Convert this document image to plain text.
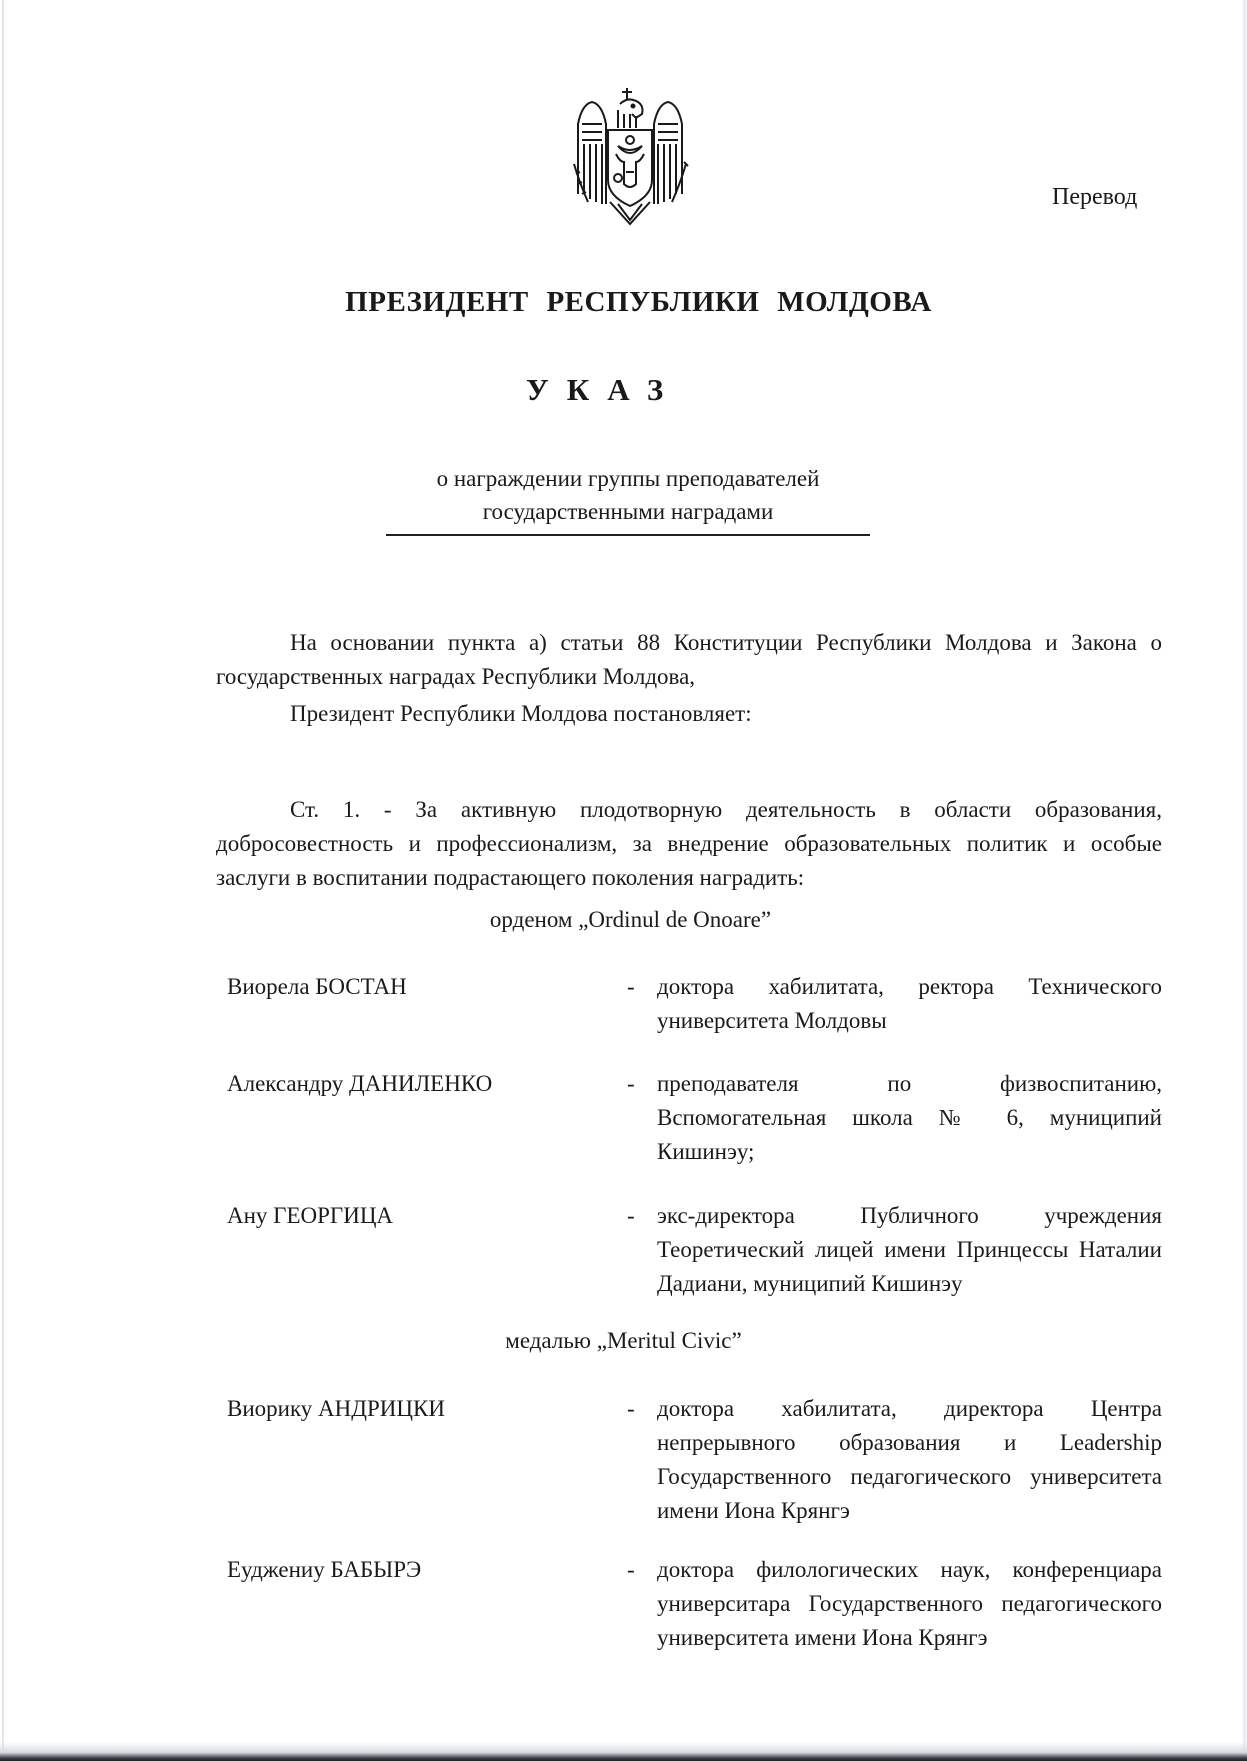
Перевод
ПРЕЗИДЕНТ РЕСПУБЛИКИ МОЛДОВА
УКАЗ
о награждении группы преподавателей
государственными наградами
На основании пункта а) статьи 88 Конституции Республики Молдова и Закона о государственных наградах Республики Молдова,
Президент Республики Молдова постановляет:
Ст. 1. - За активную плодотворную деятельность в области образования, добросовестность и профессионализм, за внедрение образовательных политик и особые заслуги в воспитании подрастающего поколения наградить:
орденом „Ordinul de Onoare”
Виорела БОСТАН	- доктора хабилитата, ректора Технического университета Молдовы
Александру ДАНИЛЕНКО	- преподавателя по физвоспитанию, Вспомогательная школа № 6, муниципий Кишинэу;
Ану ГЕОРГИЦА	- экс-директора Публичного учреждения Теоретический лицей имени Принцессы Наталии Дадиани, муниципий Кишинэу
медалью „Meritul Civic”
Виорику АНДРИЦКИ	- доктора хабилитата, директора Центра непрерывного образования и Leadership Государственного педагогического университета имени Иона Крянгэ
Еуджениу БАБЫРЭ	- доктора филологических наук, конференциара университара Государственного педагогического университета имени Иона Крянгэ
